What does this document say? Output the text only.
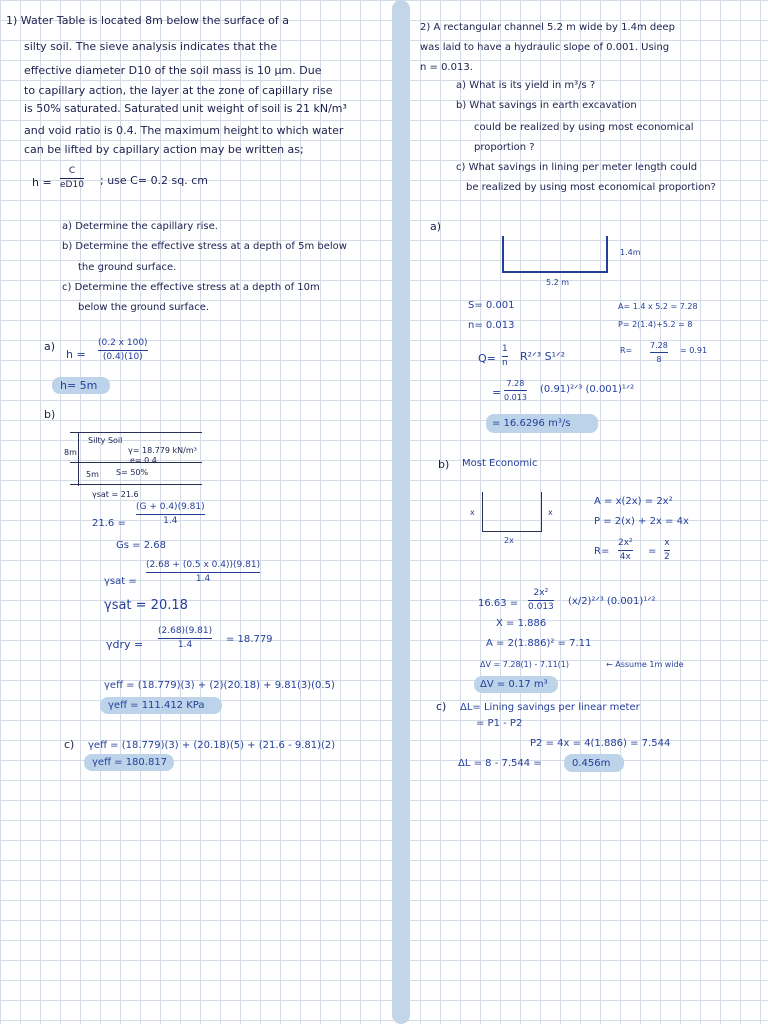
1) Water Table is located 8m below the surface of a
silty soil. The sieve analysis indicates that the
effective diameter D10 of the soil mass is 10 µm. Due
to capillary action, the layer at the zone of capillary rise
is 50% saturated. Saturated unit weight of soil is 21 kN/m³
and void ratio is 0.4. The maximum height to which water
can be lifted by capillary action may be written as;
h =
C
eD10 ; use C= 0.2 sq. cm
a) Determine the capillary rise.
b) Determine the effective stress at a depth of 5m below
the ground surface.
c) Determine the effective stress at a depth of 10m
below the ground surface.
a)
h =
(0.2 x 100)
(0.4)(10)
h= 5m
b)
Silty Soil
8m	γ= 18.779 kN/m³
e= 0.4
S= 50%
5m
γsat = 21.6
21.6 =
(G + 0.4)(9.81)
1.4
Gs = 2.68
γsat =
(2.68 + (0.5 x 0.4))(9.81)
1.4
γsat = 20.18
γdry =
(2.68)(9.81)
1.4	= 18.779
γeff = (18.779)(3) + (2)(20.18) + 9.81(3)(0.5)
γeff = 111.412 KPa
c) γeff = (18.779)(3) + (20.18)(5) + (21.6 - 9.81)(2)
γeff = 180.817
2) A rectangular channel 5.2 m wide by 1.4m deep
was laid to have a hydraulic slope of 0.001. Using
n = 0.013.
a) What is its yield in m³/s ?
b) What savings in earth excavation
could be realized by using most economical
proportion ?
c) What savings in lining per meter length could
be realized by using most economical proportion?
a)
1.4m
5.2 m
S= 0.001
n= 0.013
A= 1.4 x 5.2 = 7.28
P= 2(1.4)+5.2 = 8
R=
7.28
8
= 0.91
Q=
1
n R²ᐟ³ S¹ᐟ²
=
7.28
0.013
(0.91)²ᐟ³ (0.001)¹ᐟ²
= 16.6296 m³/s
b) Most Economic
x	x
2x
A = x(2x) = 2x²
P = 2(x) + 2x = 4x
R=
2x²
4x =
x
2
16.63 =
2x²
0.013 (x/2)²ᐟ³ (0.001)¹ᐟ²
X = 1.886
A = 2(1.886)² = 7.11
ΔV = 7.28(1) - 7.11(1)	← Assume 1m wide
ΔV = 0.17 m³
c) ΔL= Lining savings per linear meter
= P1 - P2
P2 = 4x = 4(1.886) = 7.544
ΔL = 8 - 7.544 =	0.456m
